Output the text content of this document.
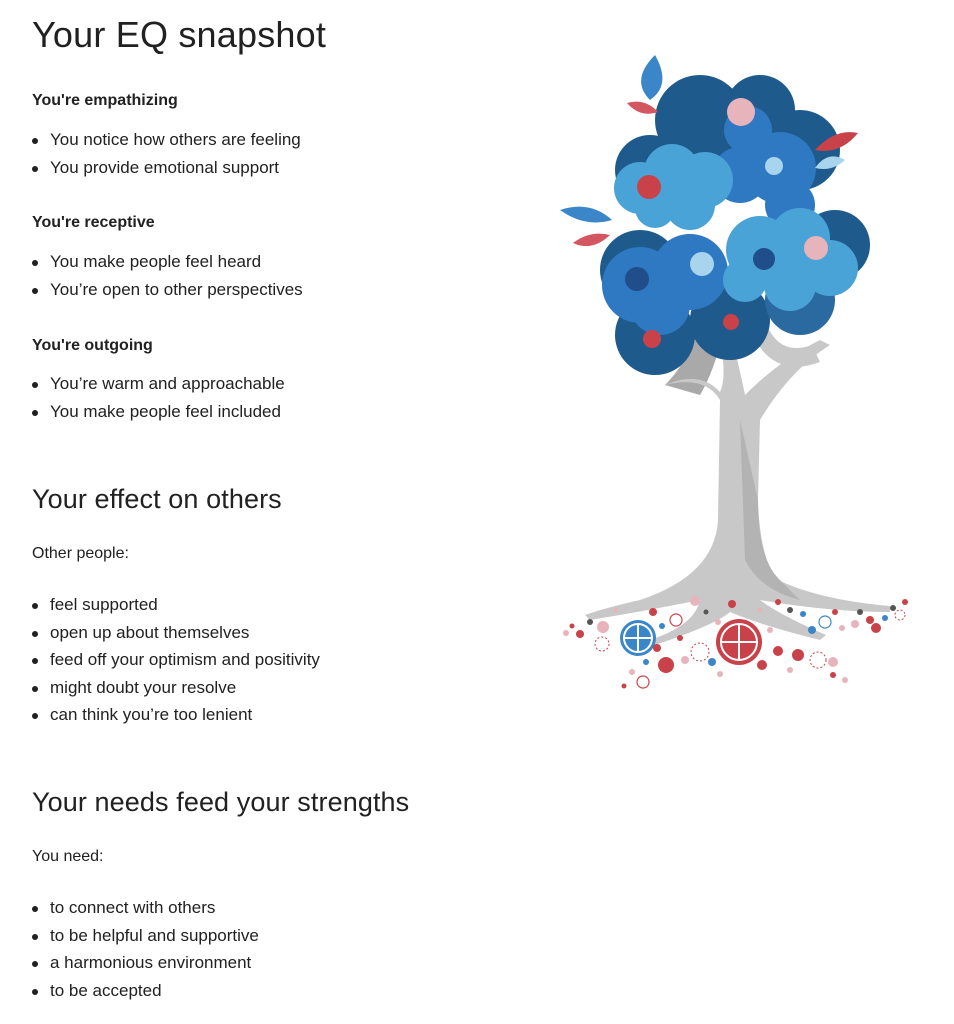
Your EQ snapshot
You're empathizing
You notice how others are feeling
You provide emotional support
You're receptive
You make people feel heard
You’re open to other perspectives
You're outgoing
You’re warm and approachable
You make people feel included
Your effect on others
Other people:
feel supported
open up about themselves
feed off your optimism and positivity
might doubt your resolve
can think you’re too lenient
Your needs feed your strengths
You need:
to connect with others
to be helpful and supportive
a harmonious environment
to be accepted
